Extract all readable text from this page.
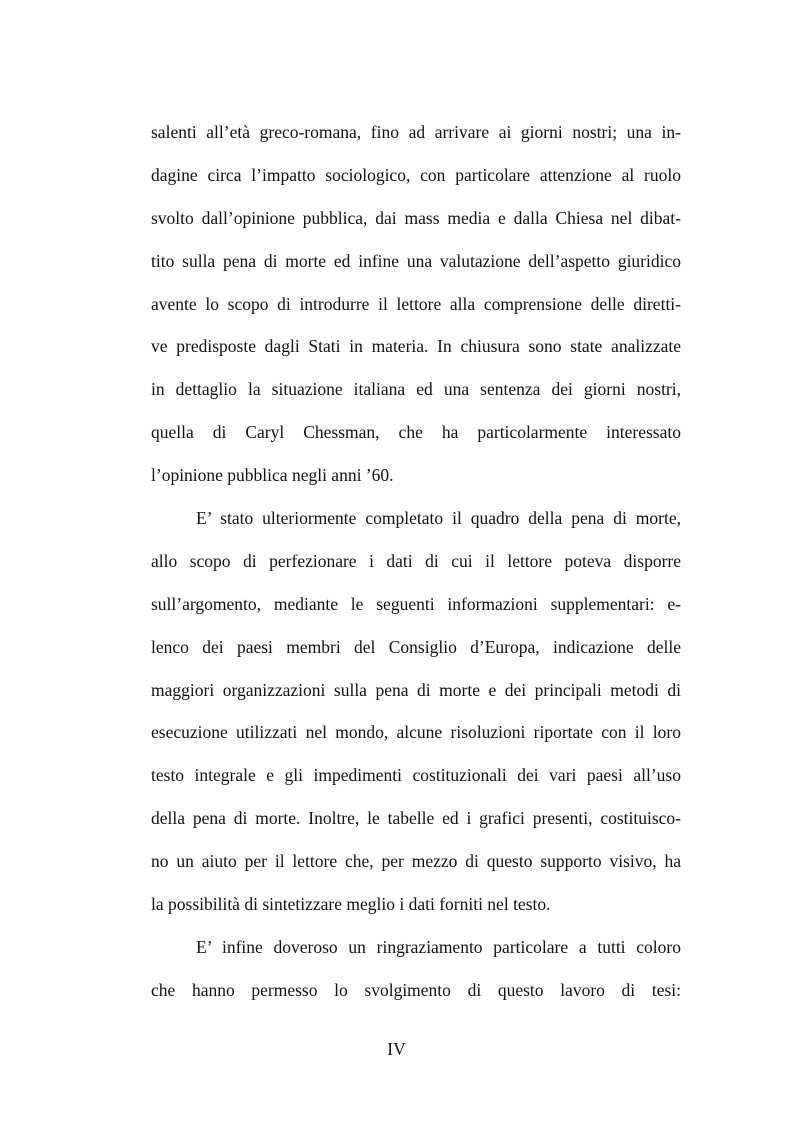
salenti all’età greco-romana, fino ad arrivare ai giorni nostri; una in-
dagine circa l’impatto sociologico, con particolare attenzione al ruolo
svolto dall’opinione pubblica, dai mass media e dalla Chiesa nel dibat-
tito sulla pena di morte ed infine una valutazione dell’aspetto giuridico
avente lo scopo di introdurre il lettore alla comprensione delle diretti-
ve predisposte dagli Stati in materia. In chiusura sono state analizzate
in dettaglio la situazione italiana ed una sentenza dei giorni nostri,
quella di Caryl Chessman, che ha particolarmente interessato
l’opinione pubblica negli anni ’60.
E’ stato ulteriormente completato il quadro della pena di morte,
allo scopo di perfezionare i dati di cui il lettore poteva disporre
sull’argomento, mediante le seguenti informazioni supplementari: e-
lenco dei paesi membri del Consiglio d’Europa, indicazione delle
maggiori organizzazioni sulla pena di morte e dei principali metodi di
esecuzione utilizzati nel mondo, alcune risoluzioni riportate con il loro
testo integrale e gli impedimenti costituzionali dei vari paesi all’uso
della pena di morte. Inoltre, le tabelle ed i grafici presenti, costituisco-
no un aiuto per il lettore che, per mezzo di questo supporto visivo, ha
la possibilità di sintetizzare meglio i dati forniti nel testo.
E’ infine doveroso un ringraziamento particolare a tutti coloro
che hanno permesso lo svolgimento di questo lavoro di tesi:
IV
